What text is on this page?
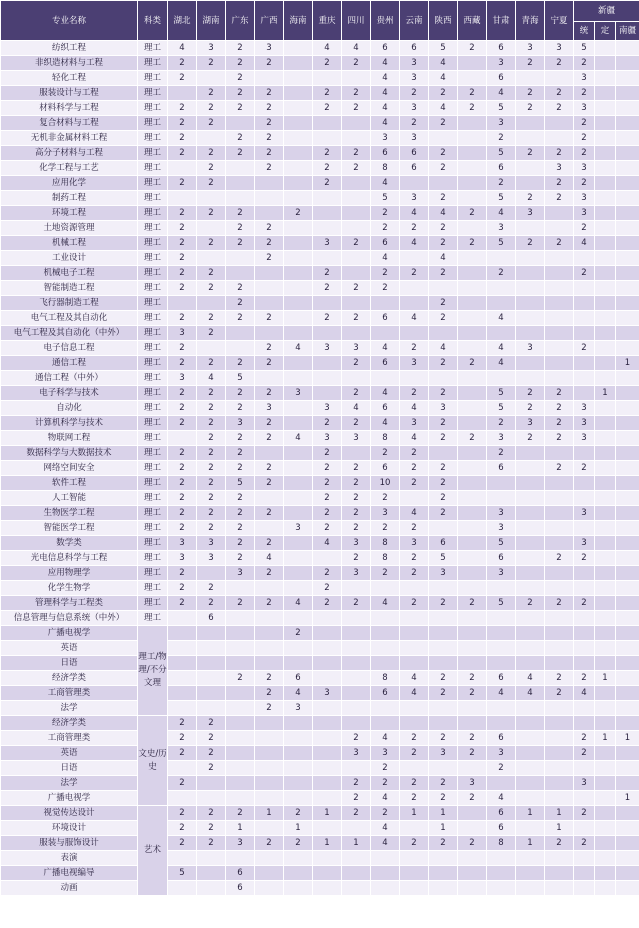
专业名称	科类	湖北	湖南	广东	广西	海南	重庆	四川	贵州	云南	陕西	西藏	甘肃	青海	宁夏	新疆		
																统	定	南疆
纺织工程	理工	4	3	2	3		4	4	6	6	5	2	6	3	3	5		
非织造材料与工程	理工	2	2	2	2		2	2	4	3	4		3	2	2	2		
轻化工程	理工	2		2					4	3	4		6			3		
服装设计与工程	理工		2	2	2		2	2	4	2	2	2	4	2	2	2		
材料科学与工程	理工	2	2	2	2		2	2	4	3	4	2	5	2	2	3		
复合材料与工程	理工	2	2		2				4	2	2		3			2		
无机非金属材料工程	理工	2		2	2				3	3			2			2		
高分子材料与工程	理工	2	2	2	2		2	2	6	6	2		5	2	2	2		
化学工程与工艺	理工		2		2		2	2	8	6	2		6		3	3		
应用化学	理工	2	2				2		4				2		2	2		
制药工程	理工								5	3	2		5	2	2	3		
环境工程	理工	2	2	2		2			2	4	4	2	4	3		3		
土地资源管理	理工	2		2	2				2	2	2		3			2		
机械工程	理工	2	2	2	2		3	2	6	4	2	2	5	2	2	4		
工业设计	理工	2			2				4		4							
机械电子工程	理工	2	2				2		2	2	2		2			2		
智能制造工程	理工	2	2	2			2	2	2									
飞行器制造工程	理工			2							2							
电气工程及其自动化	理工	2	2	2	2		2	2	6	4	2		4					
电气工程及其自动化（中外）	理工	3	2															
电子信息工程	理工	2			2	4	3	3	4	2	4		4	3		2		
通信工程	理工	2	2	2	2			2	6	3	2	2	4					1
通信工程（中外）	理工	3	4	5														
电子科学与技术	理工	2	2	2	2	3		2	4	2	2		5	2	2		1	
自动化	理工	2	2	2	3		3	4	6	4	3		5	2	2	3		
计算机科学与技术	理工	2	2	3	2		2	2	4	3	2		2	3	2	3		
物联网工程	理工		2	2	2	4	3	3	8	4	2	2	3	2	2	3		
数据科学与大数据技术	理工	2	2	2			2		2	2			2					
网络空间安全	理工	2	2	2	2		2	2	6	2	2		6		2	2		
软件工程	理工	2	2	5	2		2	2	10	2	2							
人工智能	理工	2	2	2			2	2	2		2							
生物医学工程	理工	2	2	2	2		2	2	3	4	2		3			3		
智能医学工程	理工	2	2	2		3	2	2	2	2			3					
数学类	理工	3	3	2	2		4	3	8	3	6		5			3		
光电信息科学与工程	理工	3	3	2	4			2	8	2	5		6		2	2		
应用物理学	理工	2		3	2		2	3	2	2	3		3					
化学生物学	理工	2	2				2											
管理科学与工程类	理工	2	2	2	2	4	2	2	4	2	2	2	5	2	2	2		
信息管理与信息系统（中外）	理工		6															
广播电视学	理工/物理/不分文理					2												
英语																		
日语																		
经济学类				2	2	6			8	4	2	2	6	4	2	2	1	
工商管理类					2	4	3		6	4	2	2	4	4	2	4		
法学					2	3												
经济学类	文史/历史	2	2															
工商管理类		2	2					2	4	2	2	2	6			2	1	1
英语		2	2					3	3	2	3	2	3			2		
日语			2						2				2					
法学		2						2	2	2	2	3				3		
广播电视学								2	4	2	2	2	4					1
视觉传达设计	艺术	2	2	2	1	2	1	2	2	1	1		6	1	1	2		
环境设计		2	2	1		1			4		1		6		1			
服装与服饰设计		2	2	3	2	2	1	1	4	2	2	2	8	1	2	2		
表演																		
广播电视编导		5		6														
动画				6														
